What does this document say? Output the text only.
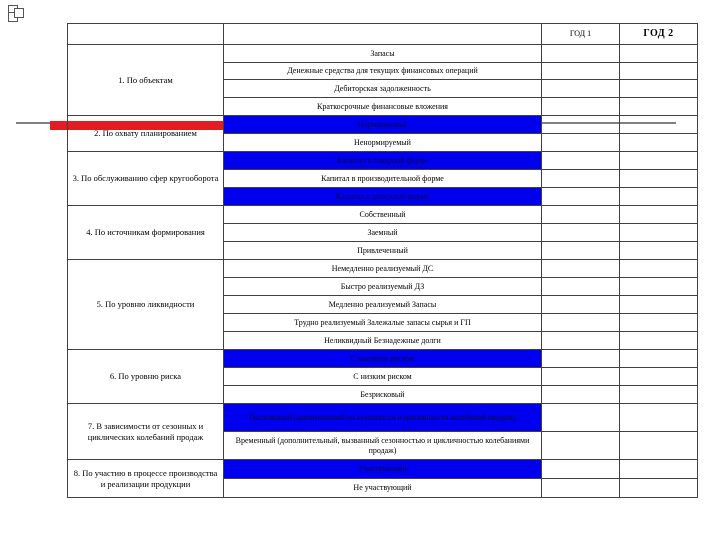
		ГОД 1	ГОД 2
1. По объектам	Запасы		
	Денежные средства для текущих финансовых операций		
	Дебиторская задолженность		
	Краткосрочные финансовые вложения		
2. По охвату планированием	Нормируемый		
	Ненормируемый		
3. По обслуживанию сфер кругооборота	Капитал в товарной форме		
	Капитал в производительной форме		
	Капитал в денежной форме		
4. По источникам формирования	Собственный		
	Заемный		
	Привлеченный		
5. По уровню ликвидности	Немедленно реализуемый ДС		
	Быстро реализуемый ДЗ		
	Медленно реализуемый Запасы		
	Трудно реализуемый Залежалые запасы сырья и ГП		
	Неликвидный Безнадежные долги		
6. По уровню риска	С высоким риском		
	С низким риском		
	Безрисковый		
7. В зависимости от сезонных и циклических колебаний продаж	Постоянный (минимальный по сезонности и цикличности колебаний продаж)		
	Временный (дополнительный, вызванный сезонностью и цикличностью колебаниями продаж)		
8. По участию в процессе производства и реализации продукции	Участвующий		
	Не участвующий		
